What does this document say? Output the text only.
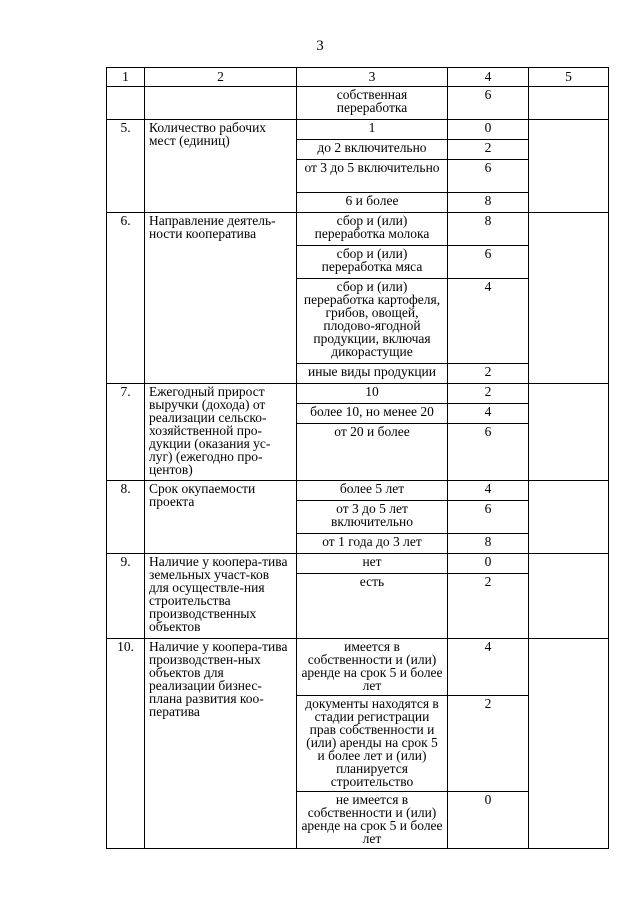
3
1	2	3	4	5
		собственная переработка	6	
5.	Количество рабочих мест (единиц)	1	0	
		до 2 включительно	2	
		от 3 до 5 включительно	6	
		6 и более	8	
6.	Направление деятель-ности кооператива	сбор и (или) переработка молока	8	
		сбор и (или) переработка мяса	6	
		сбор и (или) переработка картофеля, грибов, овощей, плодово-ягодной продукции, включая дикорастущие	4	
		иные виды продукции	2	
7.	Ежегодный прирост выручки (дохода) от реализации сельско-хозяйственной про-дукции (оказания ус-луг) (ежегодно про-центов)	10	2	
		более 10, но менее 20	4	
		от 20 и более	6	
8.	Срок окупаемости проекта	более 5 лет	4	
		от 3 до 5 лет включительно	6	
		от 1 года до 3 лет	8	
9.	Наличие у коопера-тива земельных участ-ков для осуществле-ния строительства производственных объектов	нет	0	
		есть	2	
10.	Наличие у коопера-тива производствен-ных объектов для реализации бизнес-плана развития коо-ператива	имеется в собственности и (или) аренде на срок 5 и более лет	4	
		документы находятся в стадии регистрации прав собственности и (или) аренды на срок 5 и более лет и (или) планируется строительство	2	
		не имеется в собственности и (или) аренде на срок 5 и более лет	0	
